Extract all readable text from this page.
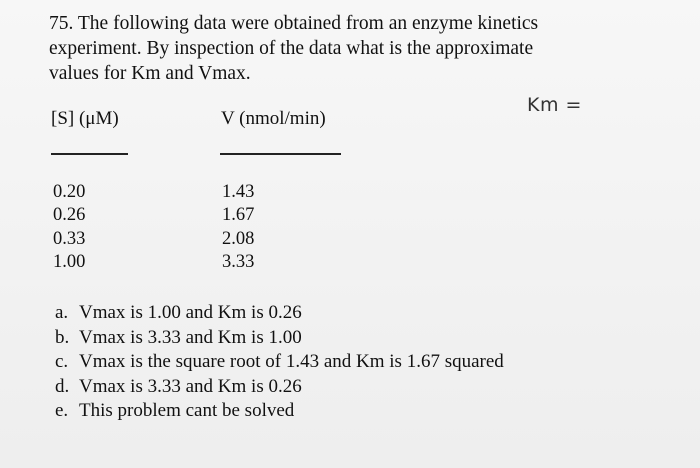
75. The following data were obtained from an enzyme kinetics
experiment. By inspection of the data what is the approximate
values for Km and Vmax.
[S] (μM)	V (nmol/min)
Km =
0.20
0.26
0.33
1.00
1.43
1.67
2.08
3.33
a. Vmax is 1.00 and Km is 0.26
b. Vmax is 3.33 and Km is 1.00
c. Vmax is the square root of 1.43 and Km is 1.67 squared
d. Vmax is 3.33 and Km is 0.26
e. This problem cant be solved
